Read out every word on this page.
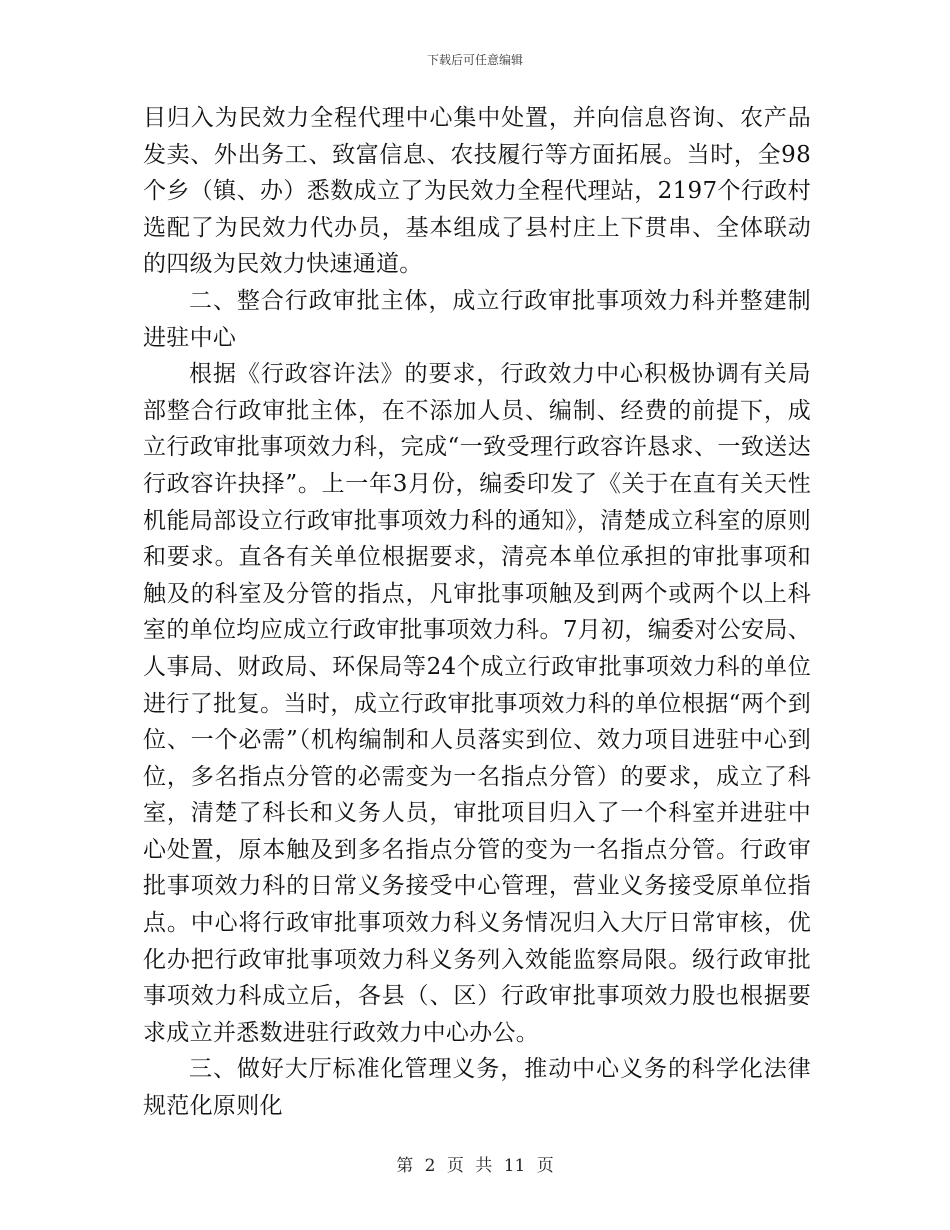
下载后可任意编辑

目归入为民效力全程代理中心集中处置，并向信息咨询、农产品发卖、外出务工、致富信息、农技履行等方面拓展。当时，全98个乡（镇、办）悉数成立了为民效力全程代理站，2197个行政村选配了为民效力代办员，基本组成了县村庄上下贯串、全体联动的四级为民效力快速通道。

二、整合行政审批主体，成立行政审批事项效力科并整建制进驻中心

根据《行政容许法》的要求，行政效力中心积极协调有关局部整合行政审批主体，在不添加人员、编制、经费的前提下，成立行政审批事项效力科，完成“一致受理行政容许恳求、一致送达行政容许抉择”。上一年3月份，编委印发了《关于在直有关天性机能局部设立行政审批事项效力科的通知》，清楚成立科室的原则和要求。直各有关单位根据要求，清亮本单位承担的审批事项和触及的科室及分管的指点，凡审批事项触及到两个或两个以上科室的单位均应成立行政审批事项效力科。7月初，编委对公安局、人事局、财政局、环保局等24个成立行政审批事项效力科的单位进行了批复。当时，成立行政审批事项效力科的单位根据“两个到位、一个必需”（机构编制和人员落实到位、效力项目进驻中心到位，多名指点分管的必需变为一名指点分管）的要求，成立了科室，清楚了科长和义务人员，审批项目归入了一个科室并进驻中心处置，原本触及到多名指点分管的变为一名指点分管。行政审批事项效力科的日常义务接受中心管理，营业义务接受原单位指点。中心将行政审批事项效力科义务情况归入大厅日常审核，优化办把行政审批事项效力科义务列入效能监察局限。级行政审批事项效力科成立后，各县（、区）行政审批事项效力股也根据要求成立并悉数进驻行政效力中心办公。

三、做好大厅标准化管理义务，推动中心义务的科学化法律规范化原则化

第 2 页 共 11 页
